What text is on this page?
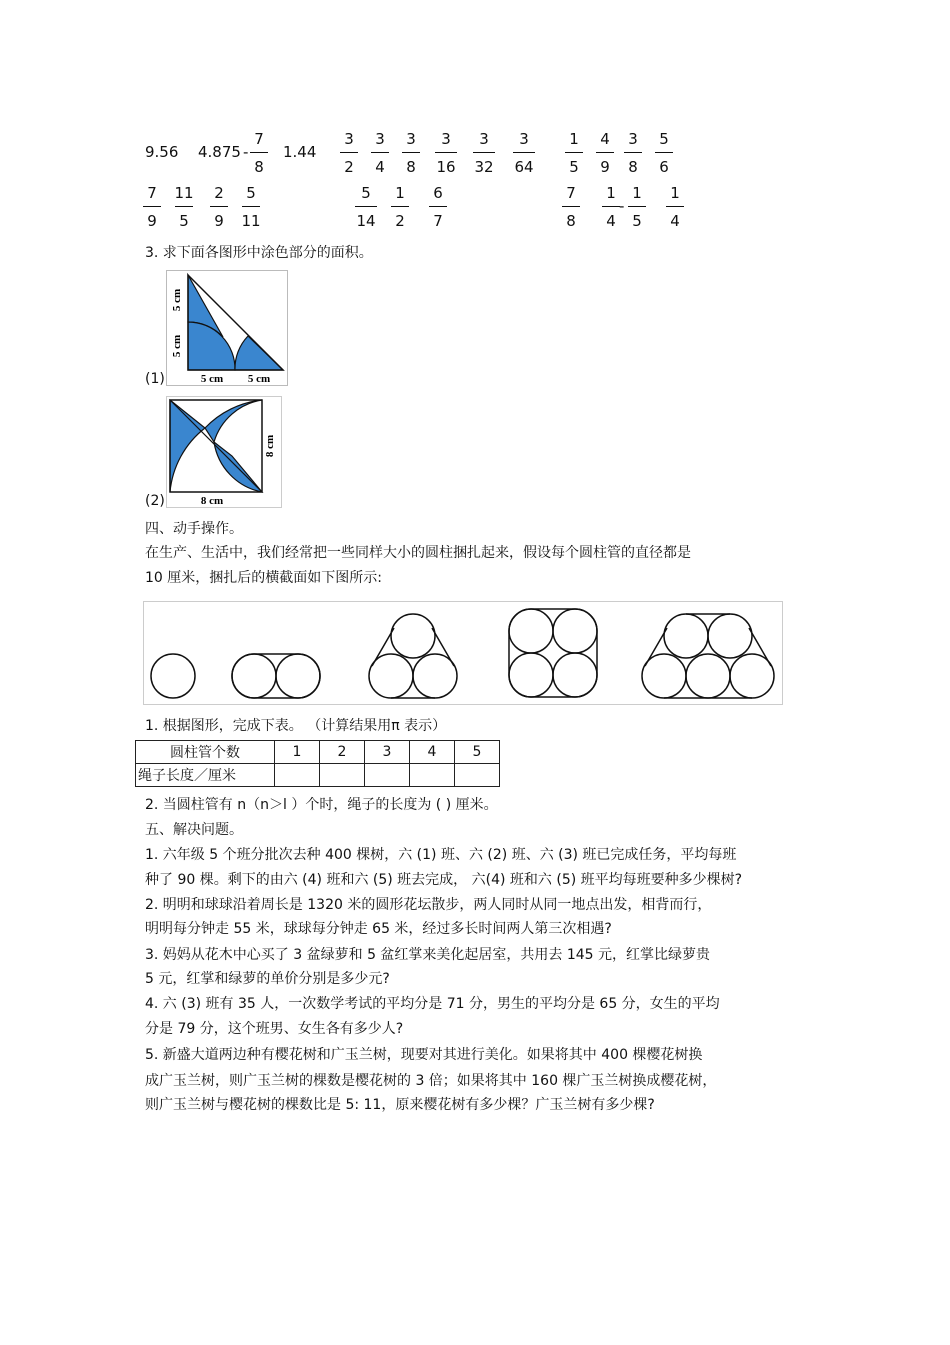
9.56 4.875 -
7
8
1.44
3
2
3
4
3
8
3
16
3
32
3
64
1
5
4
9
3
8
5
6
7
9
11
5
2
9
5
11
5
14
1
2
6
7
7
8
1
4
-
1
5
1
4
3. 求下面各图形中涂色部分的面积。
(1)
5 cm
5 cm
5 cm 5 cm
(2)
8 cm
8 cm
四、动手操作。
在生产、生活中，我们经常把一些同样大小的圆柱捆扎起来，假设每个圆柱管的直径都是
10 厘米，捆扎后的横截面如下图所示:
1. 根据图形，完成下表。 （计算结果用π 表示）
圆柱管个数	1	2	3	4	5
绳子长度／厘米					
2. 当圆柱管有 n（n＞l ）个时，绳子的长度为 ( ) 厘米。
五、解决问题。
1. 六年级 5 个班分批次去种 400 棵树，六 (1) 班、六 (2) 班、六 (3) 班已完成任务，平均每班
种了 90 棵。剩下的由六 (4) 班和六 (5) 班去完成， 六(4) 班和六 (5) 班平均每班要种多少棵树?
2. 明明和球球沿着周长是 1320 米的圆形花坛散步，两人同时从同一地点出发，相背而行，
明明每分钟走 55 米，球球每分钟走 65 米，经过多长时间两人第三次相遇?
3. 妈妈从花木中心买了 3 盆绿萝和 5 盆红掌来美化起居室，共用去 145 元，红掌比绿萝贵
5 元，红掌和绿萝的单价分别是多少元?
4. 六 (3) 班有 35 人，一次数学考试的平均分是 71 分，男生的平均分是 65 分，女生的平均
分是 79 分，这个班男、女生各有多少人?
5. 新盛大道两边种有樱花树和广玉兰树，现要对其进行美化。如果将其中 400 棵樱花树换
成广玉兰树，则广玉兰树的棵数是樱花树的 3 倍；如果将其中 160 棵广玉兰树换成樱花树，
则广玉兰树与樱花树的棵数比是 5: 11，原来樱花树有多少棵？广玉兰树有多少棵?
